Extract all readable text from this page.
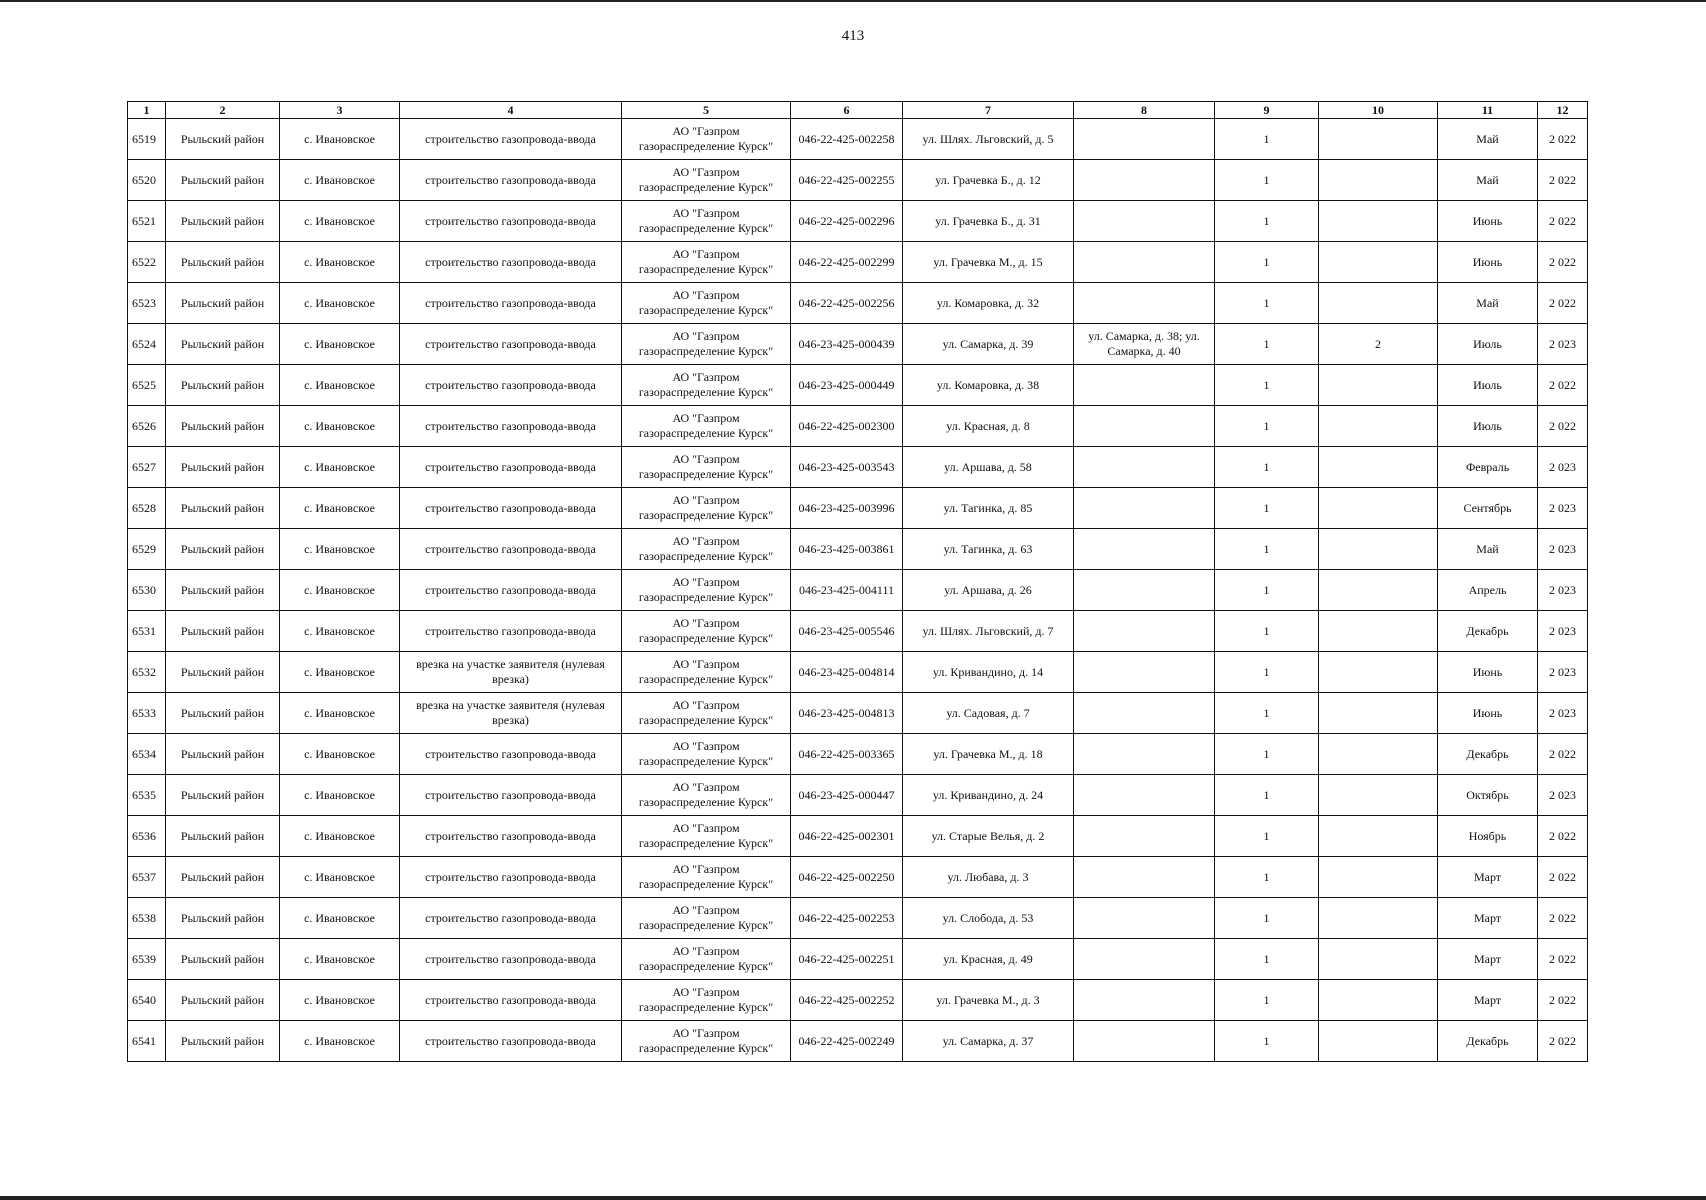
413
1	2	3	4	5	6	7	8	9	10	11	12
6519	Рыльский район	с. Ивановское	строительство газопровода-ввода	АО "Газпром газораспределение Курск"	046-22-425-002258	ул. Шлях. Льговский, д. 5		1		Май	2 022
6520	Рыльский район	с. Ивановское	строительство газопровода-ввода	АО "Газпром газораспределение Курск"	046-22-425-002255	ул. Грачевка Б., д. 12		1		Май	2 022
6521	Рыльский район	с. Ивановское	строительство газопровода-ввода	АО "Газпром газораспределение Курск"	046-22-425-002296	ул. Грачевка Б., д. 31		1		Июнь	2 022
6522	Рыльский район	с. Ивановское	строительство газопровода-ввода	АО "Газпром газораспределение Курск"	046-22-425-002299	ул. Грачевка М., д. 15		1		Июнь	2 022
6523	Рыльский район	с. Ивановское	строительство газопровода-ввода	АО "Газпром газораспределение Курск"	046-22-425-002256	ул. Комаровка, д. 32		1		Май	2 022
6524	Рыльский район	с. Ивановское	строительство газопровода-ввода	АО "Газпром газораспределение Курск"	046-23-425-000439	ул. Самарка, д. 39	ул. Самарка, д. 38; ул. Самарка, д. 40	1	2	Июль	2 023
6525	Рыльский район	с. Ивановское	строительство газопровода-ввода	АО "Газпром газораспределение Курск"	046-23-425-000449	ул. Комаровка, д. 38		1		Июль	2 022
6526	Рыльский район	с. Ивановское	строительство газопровода-ввода	АО "Газпром газораспределение Курск"	046-22-425-002300	ул. Красная, д. 8		1		Июль	2 022
6527	Рыльский район	с. Ивановское	строительство газопровода-ввода	АО "Газпром газораспределение Курск"	046-23-425-003543	ул. Аршава, д. 58		1		Февраль	2 023
6528	Рыльский район	с. Ивановское	строительство газопровода-ввода	АО "Газпром газораспределение Курск"	046-23-425-003996	ул. Тагинка, д. 85		1		Сентябрь	2 023
6529	Рыльский район	с. Ивановское	строительство газопровода-ввода	АО "Газпром газораспределение Курск"	046-23-425-003861	ул. Тагинка, д. 63		1		Май	2 023
6530	Рыльский район	с. Ивановское	строительство газопровода-ввода	АО "Газпром газораспределение Курск"	046-23-425-004111	ул. Аршава, д. 26		1		Апрель	2 023
6531	Рыльский район	с. Ивановское	строительство газопровода-ввода	АО "Газпром газораспределение Курск"	046-23-425-005546	ул. Шлях. Льговский, д. 7		1		Декабрь	2 023
6532	Рыльский район	с. Ивановское	врезка на участке заявителя (нулевая врезка)	АО "Газпром газораспределение Курск"	046-23-425-004814	ул. Кривандино, д. 14		1		Июнь	2 023
6533	Рыльский район	с. Ивановское	врезка на участке заявителя (нулевая врезка)	АО "Газпром газораспределение Курск"	046-23-425-004813	ул. Садовая, д. 7		1		Июнь	2 023
6534	Рыльский район	с. Ивановское	строительство газопровода-ввода	АО "Газпром газораспределение Курск"	046-22-425-003365	ул. Грачевка М., д. 18		1		Декабрь	2 022
6535	Рыльский район	с. Ивановское	строительство газопровода-ввода	АО "Газпром газораспределение Курск"	046-23-425-000447	ул. Кривандино, д. 24		1		Октябрь	2 023
6536	Рыльский район	с. Ивановское	строительство газопровода-ввода	АО "Газпром газораспределение Курск"	046-22-425-002301	ул. Старые Велья, д. 2		1		Ноябрь	2 022
6537	Рыльский район	с. Ивановское	строительство газопровода-ввода	АО "Газпром газораспределение Курск"	046-22-425-002250	ул. Любава, д. 3		1		Март	2 022
6538	Рыльский район	с. Ивановское	строительство газопровода-ввода	АО "Газпром газораспределение Курск"	046-22-425-002253	ул. Слобода, д. 53		1		Март	2 022
6539	Рыльский район	с. Ивановское	строительство газопровода-ввода	АО "Газпром газораспределение Курск"	046-22-425-002251	ул. Красная, д. 49		1		Март	2 022
6540	Рыльский район	с. Ивановское	строительство газопровода-ввода	АО "Газпром газораспределение Курск"	046-22-425-002252	ул. Грачевка М., д. 3		1		Март	2 022
6541	Рыльский район	с. Ивановское	строительство газопровода-ввода	АО "Газпром газораспределение Курск"	046-22-425-002249	ул. Самарка, д. 37		1		Декабрь	2 022
